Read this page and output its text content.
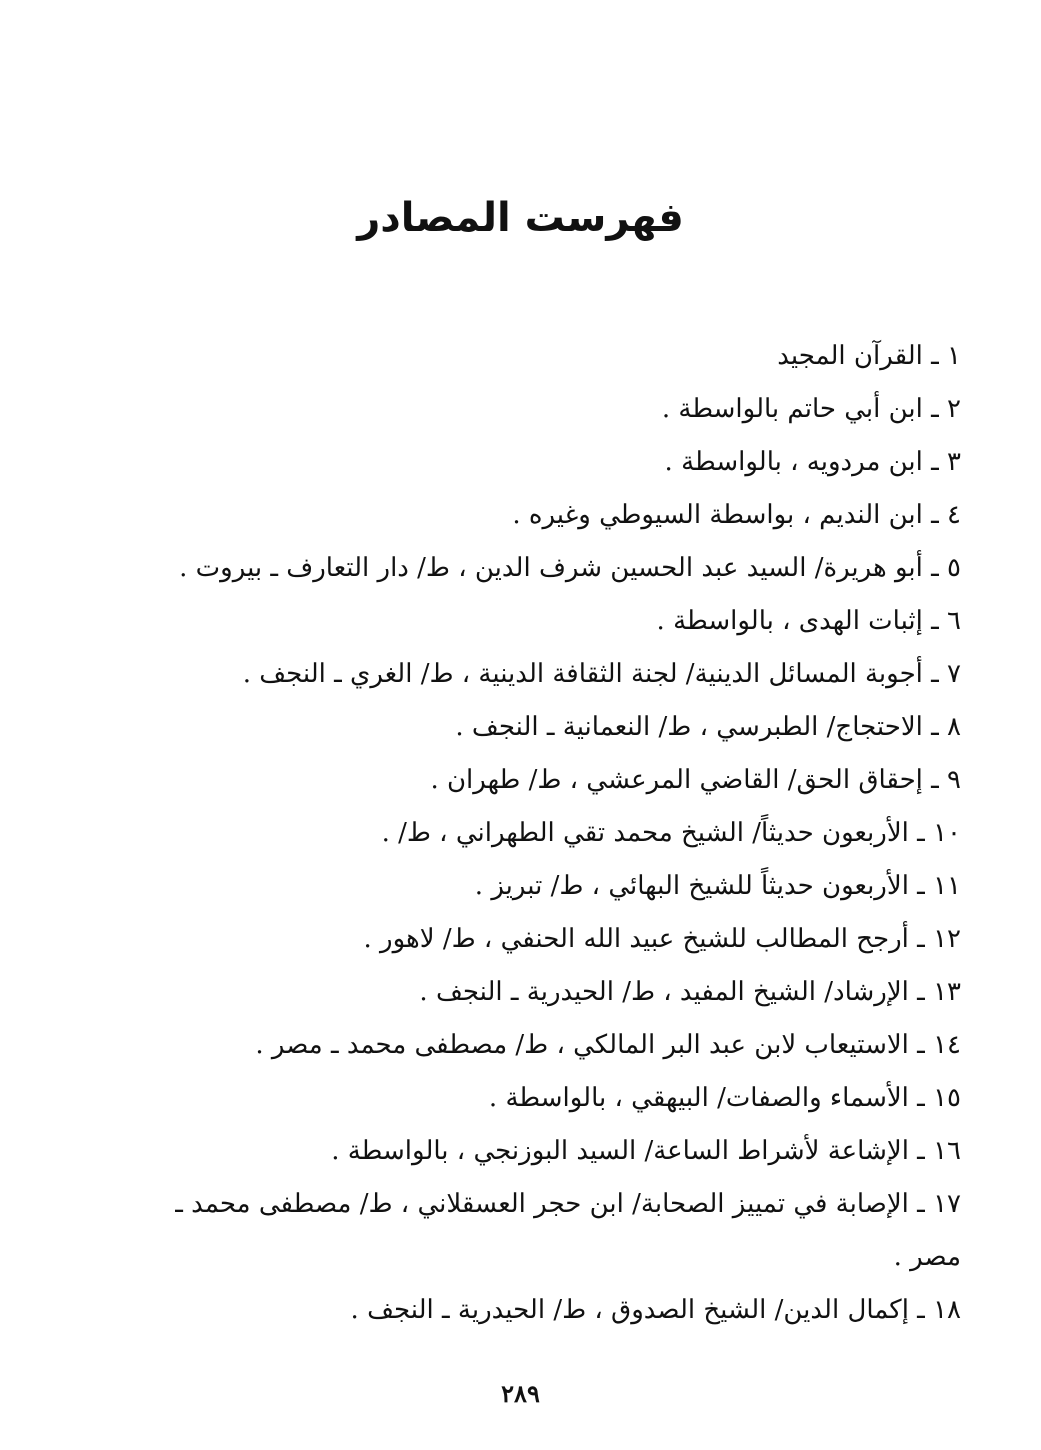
فهرست المصادر
١ ـ القرآن المجيد
٢ ـ ابن أبي حاتم بالواسطة .
٣ ـ ابن مردويه ، بالواسطة .
٤ ـ ابن النديم ، بواسطة السيوطي وغيره .
٥ ـ أبو هريرة/ السيد عبد الحسين شرف الدين ، ط/ دار التعارف ـ بيروت .
٦ ـ إثبات الهدى ، بالواسطة .
٧ ـ أجوبة المسائل الدينية/ لجنة الثقافة الدينية ، ط/ الغري ـ النجف .
٨ ـ الاحتجاج/ الطبرسي ، ط/ النعمانية ـ النجف .
٩ ـ إحقاق الحق/ القاضي المرعشي ، ط/ طهران .
١٠ ـ الأربعون حديثاً/ الشيخ محمد تقي الطهراني ، ط/ .
١١ ـ الأربعون حديثاً للشيخ البهائي ، ط/ تبريز .
١٢ ـ أرجح المطالب للشيخ عبيد الله الحنفي ، ط/ لاهور .
١٣ ـ الإرشاد/ الشيخ المفيد ، ط/ الحيدرية ـ النجف .
١٤ ـ الاستيعاب لابن عبد البر المالكي ، ط/ مصطفى محمد ـ مصر .
١٥ ـ الأسماء والصفات/ البيهقي ، بالواسطة .
١٦ ـ الإشاعة لأشراط الساعة/ السيد البوزنجي ، بالواسطة .
١٧ ـ الإصابة في تمييز الصحابة/ ابن حجر العسقلاني ، ط/ مصطفى محمد ـ
مصر .
١٨ ـ إكمال الدين/ الشيخ الصدوق ، ط/ الحيدرية ـ النجف .
٢٨٩
